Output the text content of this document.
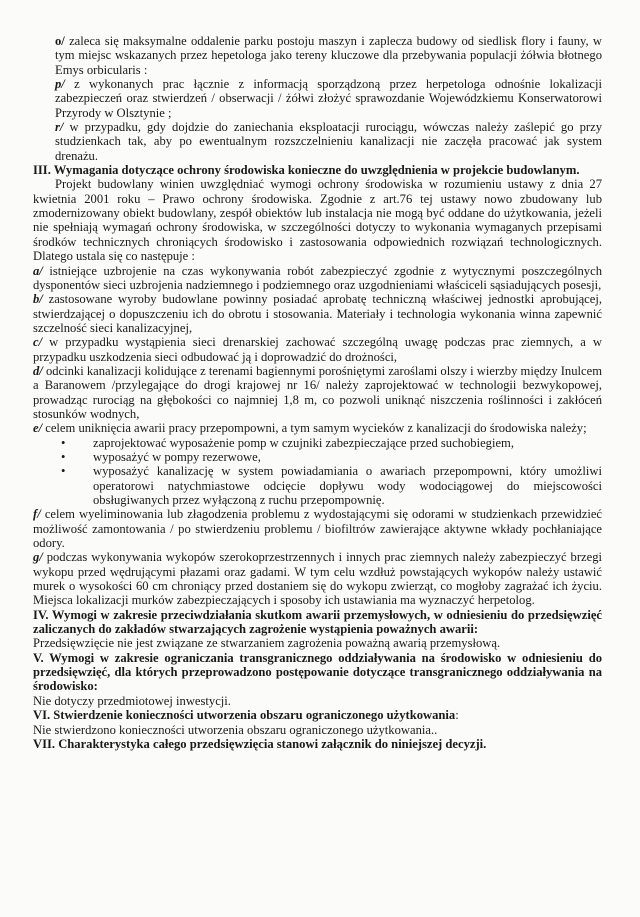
o/ zaleca się maksymalne oddalenie parku postoju maszyn i zaplecza budowy od siedlisk flory i fauny, w tym miejsc wskazanych przez hepetologa jako tereny kluczowe dla przebywania populacji żółwia błotnego Emys orbicularis :

p/ z wykonanych prac łącznie z informacją sporządzoną przez herpetologa odnośnie lokalizacji zabezpieczeń oraz stwierdzeń / obserwacji / żółwi złożyć sprawozdanie Wojewódzkiemu Konserwatorowi Przyrody w Olsztynie ;

r/ w przypadku, gdy dojdzie do zaniechania eksploatacji rurociągu, wówczas należy zaślepić go przy studzienkach tak, aby po ewentualnym rozszczelnieniu kanalizacji nie zaczęła pracować jak system drenażu.

III. Wymagania dotyczące ochrony środowiska konieczne do uwzględnienia w projekcie budowlanym.

Projekt budowlany winien uwzględniać wymogi ochrony środowiska w rozumieniu ustawy z dnia 27 kwietnia 2001 roku – Prawo ochrony środowiska. Zgodnie z art.76 tej ustawy nowo zbudowany lub zmodernizowany obiekt budowlany, zespół obiektów lub instalacja nie mogą być oddane do użytkowania, jeżeli nie spełniają wymagań ochrony środowiska, w szczególności dotyczy to wykonania wymaganych przepisami środków technicznych chroniących środowisko i zastosowania odpowiednich rozwiązań technologicznych. Dlatego ustala się co następuje :

a/ istniejące uzbrojenie na czas wykonywania robót zabezpieczyć zgodnie z wytycznymi poszczególnych dysponentów sieci uzbrojenia nadziemnego i podziemnego oraz uzgodnieniami właściceli sąsiadujących posesji,

b/ zastosowane wyroby budowlane powinny posiadać aprobatę techniczną właściwej jednostki aprobującej, stwierdzającej o dopuszczeniu ich do obrotu i stosowania. Materiały i technologia wykonania winna zapewnić szczelność sieci kanalizacyjnej,

c/ w przypadku wystąpienia sieci drenarskiej zachować szczególną uwagę podczas prac ziemnych, a w przypadku uszkodzenia sieci odbudować ją i doprowadzić do drożności,

d/ odcinki kanalizacji kolidujące z terenami bagiennymi porośniętymi zaroślami olszy i wierzby między Inulcem a Baranowem /przylegające do drogi krajowej nr 16/ należy zaprojektować w technologii bezwykopowej, prowadząc rurociąg na głębokości co najmniej 1,8 m, co pozwoli uniknąć niszczenia roślinności i zakłóceń stosunków wodnych,

e/ celem uniknięcia awarii pracy przepompowni, a tym samym wycieków z kanalizacji do środowiska należy;

• zaprojektować wyposażenie pomp w czujniki zabezpieczające przed suchobiegiem,
• wyposażyć w pompy rezerwowe,
• wyposażyć kanalizację w system powiadamiania o awariach przepompowni, który umożliwi operatorowi natychmiastowe odcięcie dopływu wody wodociągowej do miejscowości obsługiwanych przez wyłączoną z ruchu przepompownię.

f/ celem wyeliminowania lub złagodzenia problemu z wydostającymi się odorami w studzienkach przewidzieć możliwość zamontowania / po stwierdzeniu problemu / biofiltrów zawierające aktywne wkłady pochłaniające odory.

g/ podczas wykonywania wykopów szerokoprzestrzennych i innych prac ziemnych należy zabezpieczyć brzegi wykopu przed wędrującymi płazami oraz gadami. W tym celu wzdłuż powstających wykopów należy ustawić murek o wysokości 60 cm chroniący przed dostaniem się do wykopu zwierząt, co mogłoby zagrażać ich życiu. Miejsca lokalizacji murków zabezpieczających i sposoby ich ustawiania ma wyznaczyć herpetolog.

IV. Wymogi w zakresie przeciwdziałania skutkom awarii przemysłowych, w odniesieniu do przedsięwzięć zaliczanych do zakładów stwarzających zagrożenie wystąpienia poważnych awarii:

Przedsięwzięcie nie jest związane ze stwarzaniem zagrożenia poważną awarią przemysłową.

V. Wymogi w zakresie ograniczania transgranicznego oddziaływania na środowisko w odniesieniu do przedsięwzięć, dla których przeprowadzono postępowanie dotyczące transgranicznego oddziaływania na środowisko:

Nie dotyczy przedmiotowej inwestycji.

VI. Stwierdzenie konieczności utworzenia obszaru ograniczonego użytkowania:

Nie stwierdzono konieczności utworzenia obszaru ograniczonego użytkowania..

VII. Charakterystyka całego przedsięwzięcia stanowi załącznik do niniejszej decyzji.
